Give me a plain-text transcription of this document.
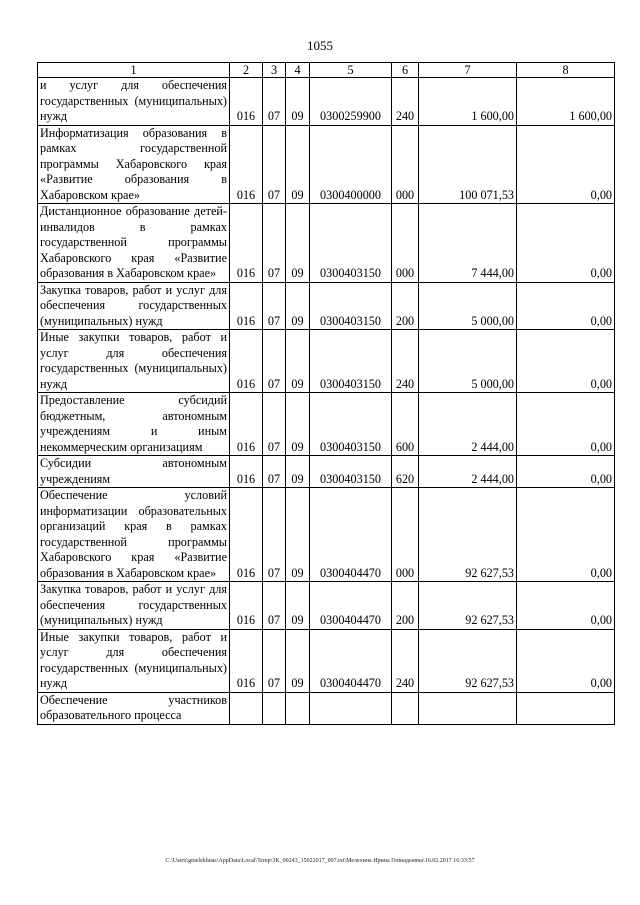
1055
1	2	3	4	5	6	7	8
и услуг для обеспечения государственных (муниципальных) нужд	016	07	09	0300259900	240	1 600,00	1 600,00
Информатизация образования в рамках государственной программы Хабаровского края «Развитие образования в Хабаровском крае»	016	07	09	0300400000	000	100 071,53	0,00
Дистанционное образование детей-инвалидов в рамках государственной программы Хабаровского края «Развитие образования в Хабаровском крае»	016	07	09	0300403150	000	7 444,00	0,00
Закупка товаров, работ и услуг для обеспечения государственных (муниципальных) нужд	016	07	09	0300403150	200	5 000,00	0,00
Иные закупки товаров, работ и услуг для обеспечения государственных (муниципальных) нужд	016	07	09	0300403150	240	5 000,00	0,00
Предоставление субсидий бюджетным, автономным учреждениям и иным некоммерческим организациям	016	07	09	0300403150	600	2 444,00	0,00
Субсидии автономным учреждениям	016	07	09	0300403150	620	2 444,00	0,00
Обеспечение условий информатизации образовательных организаций края в рамках государственной программы Хабаровского края «Развитие образования в Хабаровском крае»	016	07	09	0300404470	000	92 627,53	0,00
Закупка товаров, работ и услуг для обеспечения государственных (муниципальных) нужд	016	07	09	0300404470	200	92 627,53	0,00
Иные закупки товаров, работ и услуг для обеспечения государственных (муниципальных) нужд	016	07	09	0300404470	240	92 627,53	0,00
Обеспечение участников образовательного процесса							
C:\Users\gmelekhnas\AppData\Local\Temp\3K_00243_15022017_007.txt\Мелехина Ирина Геннадьевна\16.02.2017 16:33:57
